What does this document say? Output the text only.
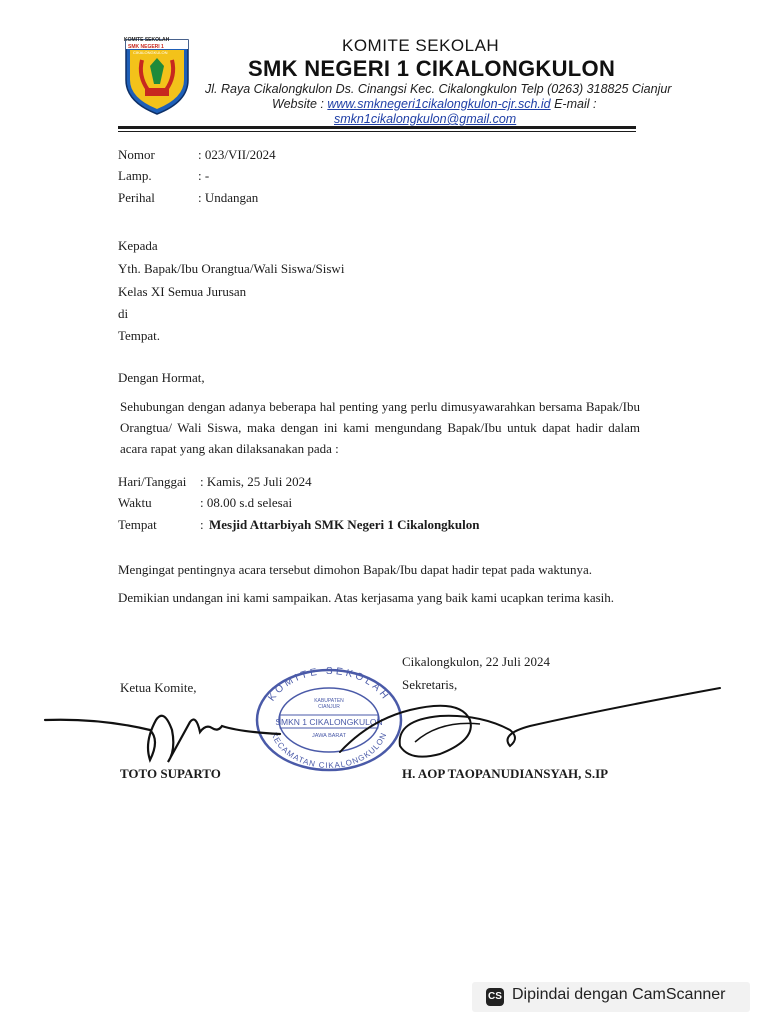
KOMITE SEKOLAH
SMK NEGERI 1
CIKALONGKULON	KOMITE SEKOLAH
SMK NEGERI 1 CIKALONGKULON
Jl. Raya Cikalongkulon Ds. Cinangsi Kec. Cikalongkulon Telp (0263) 318825 Cianjur
Website : www.smknegeri1cikalongkulon-cjr.sch.id E-mail :
smkn1cikalongkulon@gmail.com
Nomor	: 023/VII/2024
Lamp.	: -
Perihal	: Undangan
Kepada
Yth. Bapak/Ibu Orangtua/Wali Siswa/Siswi
Kelas XI Semua Jurusan
di
Tempat.
Dengan Hormat,
Sehubungan dengan adanya beberapa hal penting yang perlu dimusyawarahkan bersama Bapak/Ibu Orangtua/ Wali Siswa, maka dengan ini kami mengundang Bapak/Ibu untuk dapat hadir dalam acara rapat yang akan dilaksanakan pada :
Hari/Tanggai : Kamis, 25 Juli 2024
Waktu	: 08.00 s.d selesai
Tempat	: Mesjid Attarbiyah SMK Negeri 1 Cikalongkulon
Mengingat pentingnya acara tersebut dimohon Bapak/Ibu dapat hadir tepat pada waktunya.
Demikian undangan ini kami sampaikan. Atas kerjasama yang baik kami ucapkan terima kasih.
Cikalongkulon, 22 Juli 2024
Ketua Komite,	Sekretaris,
KOMITE SEKOLAH
KECAMATAN CIKALONGKULON
KABUPATEN
CIANJUR
SMKN 1 CIKALONGKULON
JAWA BARAT
TOTO SUPARTO	H. AOP TAOPANUDIANSYAH, S.IP
CS Dipindai dengan CamScanner
